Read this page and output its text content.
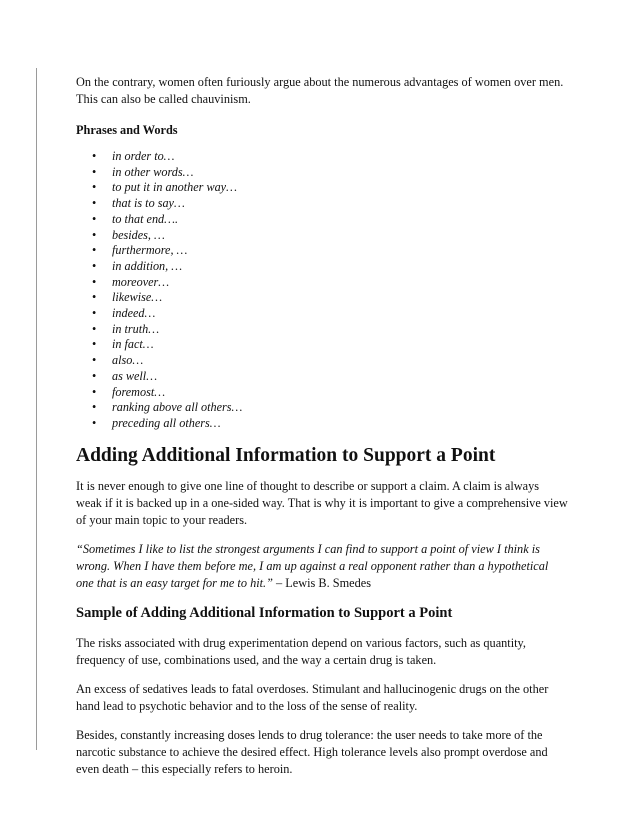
On the contrary, women often furiously argue about the numerous advantages of women over men. This can also be called chauvinism.

Phrases and Words
• in order to…
• in other words…
• to put it in another way…
• that is to say…
• to that end….
• besides, …
• furthermore, …
• in addition, …
• moreover…
• likewise…
• indeed…
• in truth…
• in fact…
• also…
• as well…
• foremost…
• ranking above all others…
• preceding all others…
Adding Additional Information to Support a Point

It is never enough to give one line of thought to describe or support a claim. A claim is always weak if it is backed up in a one-sided way. That is why it is important to give a comprehensive view of your main topic to your readers.

“Sometimes I like to list the strongest arguments I can find to support a point of view I think is wrong. When I have them before me, I am up against a real opponent rather than a hypothetical one that is an easy target for me to hit.” – Lewis B. Smedes

Sample of Adding Additional Information to Support a Point

The risks associated with drug experimentation depend on various factors, such as quantity, frequency of use, combinations used, and the way a certain drug is taken.

An excess of sedatives leads to fatal overdoses. Stimulant and hallucinogenic drugs on the other hand lead to psychotic behavior and to the loss of the sense of reality.

Besides, constantly increasing doses lends to drug tolerance: the user needs to take more of the narcotic substance to achieve the desired effect. High tolerance levels also prompt overdose and even death – this especially refers to heroin.
